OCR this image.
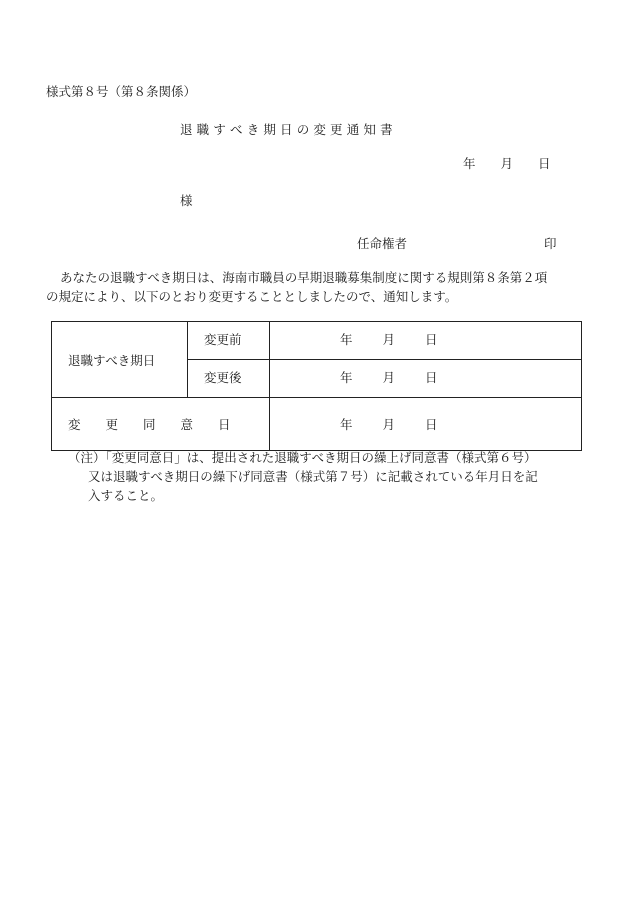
様式第８号（第８条関係）
退 職 す べ き 期 日 の 変 更 通 知 書
年　　月　　日
様
任命権者	印

あなたの退職すべき期日は、海南市職員の早期退職募集制度に関する規則第８条第２項

の規定により、以下のとおり変更することとしましたので、通知します。

退職すべき期日	変更前	年 月 日
	変更後	年 月 日
変　　更　　同　　意　　日		年 月 日

（注）「変更同意日」は、提出された退職すべき期日の繰上げ同意書（様式第６号）

又は退職すべき期日の繰下げ同意書（様式第７号）に記載されている年月日を記

入すること。
